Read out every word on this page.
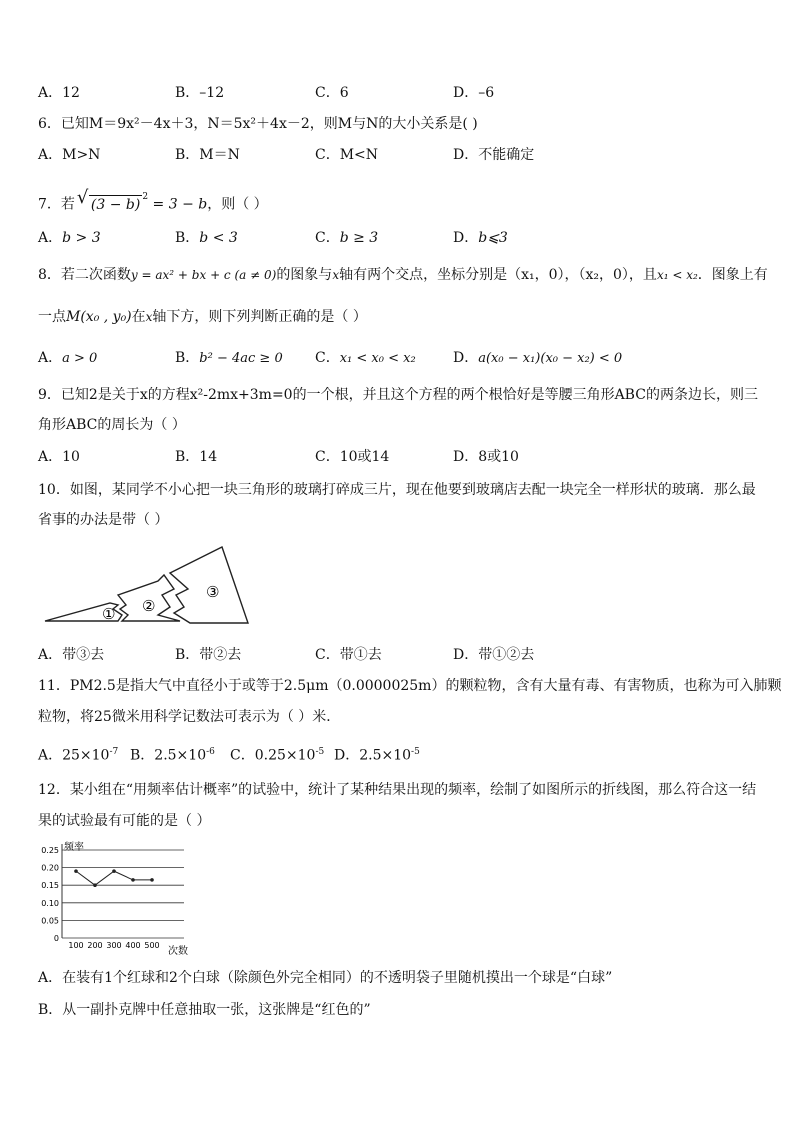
A．12	B．–12	C．6	D．–6
6．已知M＝9x²－4x＋3，N＝5x²＋4x－2，则M与N的大小关系是( )
A．M>N	B．M＝N	C．M<N	D．不能确定
7．若 √ (3 − b) $^2$ = 3 − b，则（ ）
A．b > 3	B．b < 3	C．b ≥ 3	D．b⩽3
8．若二次函数y = ax² + bx + c (a ≠ 0)的图象与x轴有两个交点，坐标分别是（x₁，0），（x₂，0），且x₁ < x₂．图象上有
一点M(x₀ , y₀)在x轴下方，则下列判断正确的是（ ）
A．a > 0	B．b² − 4ac ≥ 0 C．x₁ < x₀ < x₂	D．a(x₀ − x₁)(x₀ − x₂) < 0
9．已知2是关于x的方程x²-2mx+3m=0的一个根，并且这个方程的两个根恰好是等腰三角形ABC的两条边长，则三
角形ABC的周长为（ ）
A．10	B．14	C．10或14	D．8或10
10．如图，某同学不小心把一块三角形的玻璃打碎成三片，现在他要到玻璃店去配一块完全一样形状的玻璃．那么最
省事的办法是带（ ）
① ②
③
A．带③去	B．带②去	C．带①去	D．带①②去
11．PM2.5是指大气中直径小于或等于2.5μm（0.0000025m）的颗粒物，含有大量有毒、有害物质，也称为可入肺颗
粒物，将25微米用科学记数法可表示为（ ）米．
A．$25\times 10^{-7}$ B．$2.5\times 10^{-6}$ C．$0.25\times 10^{-5}$ D．$2.5\times 10^{-5}$
12．某小组在“用频率估计概率”的试验中，统计了某种结果出现的频率，绘制了如图所示的折线图，那么符合这一结
果的试验最有可能的是（ ）
0.25
0.20
0.15
0.10
0.05
0
100 200 300 400 500
频率
次数
A．在装有1个红球和2个白球（除颜色外完全相同）的不透明袋子里随机摸出一个球是“白球”
B．从一副扑克牌中任意抽取一张，这张牌是“红色的”
